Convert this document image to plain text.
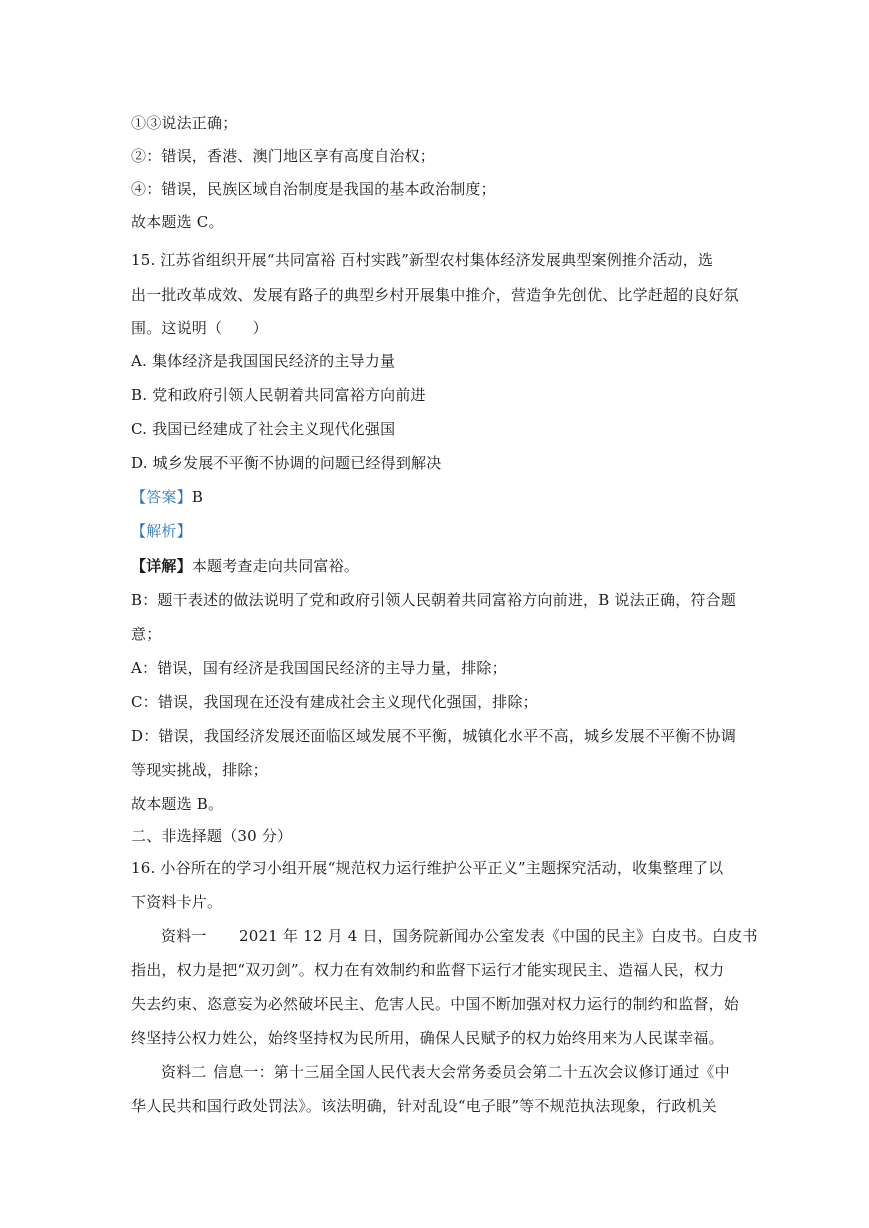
①③说法正确；
②：错误，香港、澳门地区享有高度自治权；
④：错误，民族区域自治制度是我国的基本政治制度；
故本题选 C。
15. 江苏省组织开展“共同富裕 百村实践”新型农村集体经济发展典型案例推介活动，选
出一批改革成效、发展有路子的典型乡村开展集中推介，营造争先创优、比学赶超的良好氛
围。这说明（　　）
A. 集体经济是我国国民经济的主导力量
B. 党和政府引领人民朝着共同富裕方向前进
C. 我国已经建成了社会主义现代化强国
D. 城乡发展不平衡不协调的问题已经得到解决
【答案】B
【解析】
【详解】本题考查走向共同富裕。
B：题干表述的做法说明了党和政府引领人民朝着共同富裕方向前进，B 说法正确，符合题
意；
A：错误，国有经济是我国国民经济的主导力量，排除；
C：错误，我国现在还没有建成社会主义现代化强国，排除；
D：错误，我国经济发展还面临区域发展不平衡，城镇化水平不高，城乡发展不平衡不协调
等现实挑战，排除；
故本题选 B。
二、非选择题（30 分）
16. 小谷所在的学习小组开展“规范权力运行维护公平正义”主题探究活动，收集整理了以
下资料卡片。
资料一 2021 年 12 月 4 日，国务院新闻办公室发表《中国的民主》白皮书。白皮书
指出，权力是把“双刃剑”。权力在有效制约和监督下运行才能实现民主、造福人民，权力
失去约束、恣意妄为必然破坏民主、危害人民。中国不断加强对权力运行的制约和监督，始
终坚持公权力姓公，始终坚持权为民所用，确保人民赋予的权力始终用来为人民谋幸福。
资料二 信息一：第十三届全国人民代表大会常务委员会第二十五次会议修订通过《中
华人民共和国行政处罚法》。该法明确，针对乱设“电子眼”等不规范执法现象，行政机关
